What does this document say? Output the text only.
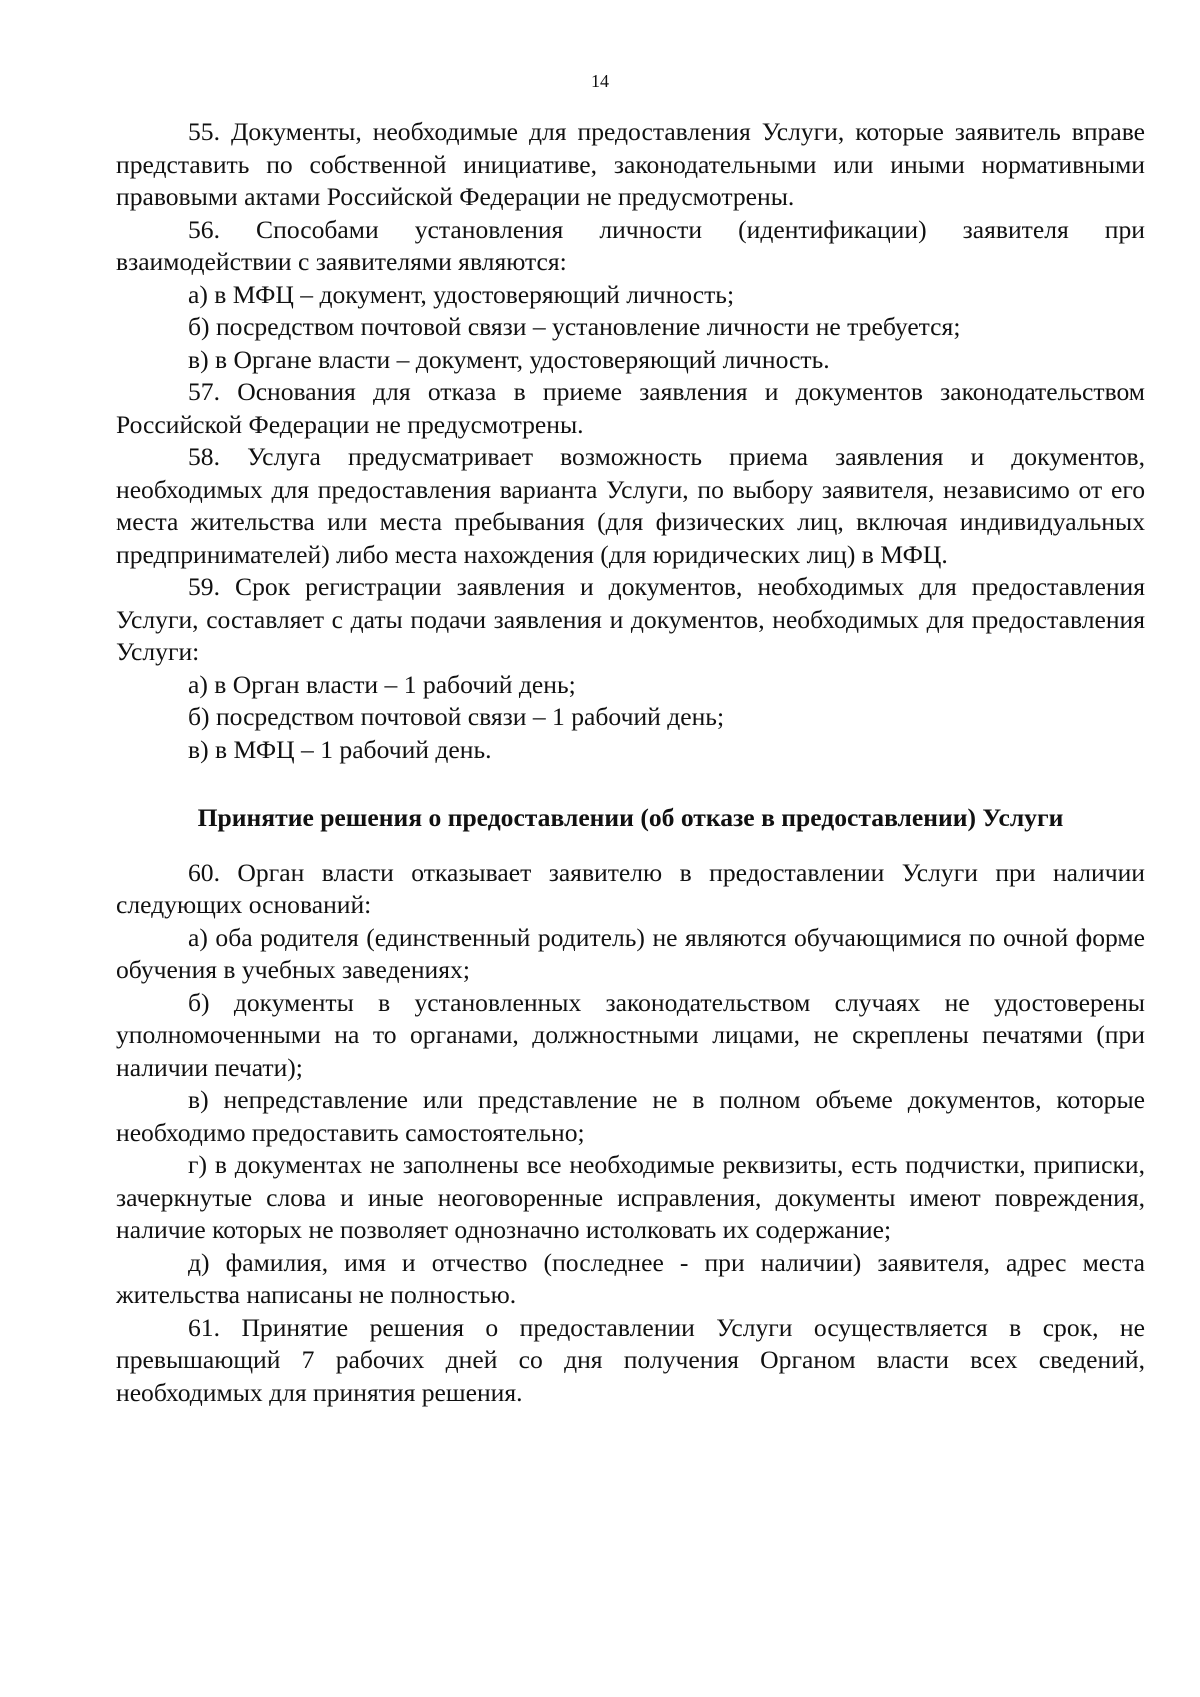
14

55. Документы, необходимые для предоставления Услуги, которые заявитель вправе представить по собственной инициативе, законодательными или иными нормативными правовыми актами Российской Федерации не предусмотрены.

56. Способами установления личности (идентификации) заявителя при взаимодействии с заявителями являются:

а) в МФЦ – документ, удостоверяющий личность;

б) посредством почтовой связи – установление личности не требуется;

в) в Органе власти – документ, удостоверяющий личность.

57. Основания для отказа в приеме заявления и документов законодательством Российской Федерации не предусмотрены.

58. Услуга предусматривает возможность приема заявления и документов, необходимых для предоставления варианта Услуги, по выбору заявителя, независимо от его места жительства или места пребывания (для физических лиц, включая индивидуальных предпринимателей) либо места нахождения (для юридических лиц) в МФЦ.

59. Срок регистрации заявления и документов, необходимых для предоставления Услуги, составляет с даты подачи заявления и документов, необходимых для предоставления Услуги:

а) в Орган власти – 1 рабочий день;

б) посредством почтовой связи – 1 рабочий день;

в) в МФЦ – 1 рабочий день.

Принятие решения о предоставлении (об отказе в предоставлении) Услуги

60. Орган власти отказывает заявителю в предоставлении Услуги при наличии следующих оснований:

а) оба родителя (единственный родитель) не являются обучающимися по очной форме обучения в учебных заведениях;

б) документы в установленных законодательством случаях не удостоверены уполномоченными на то органами, должностными лицами, не скреплены печатями (при наличии печати);

в) непредставление или представление не в полном объеме документов, которые необходимо предоставить самостоятельно;

г) в документах не заполнены все необходимые реквизиты, есть подчистки, приписки, зачеркнутые слова и иные неоговоренные исправления, документы имеют повреждения, наличие которых не позволяет однозначно истолковать их содержание;

д) фамилия, имя и отчество (последнее - при наличии) заявителя, адрес места жительства написаны не полностью.

61. Принятие решения о предоставлении Услуги осуществляется в срок, не превышающий 7 рабочих дней со дня получения Органом власти всех сведений, необходимых для принятия решения.
